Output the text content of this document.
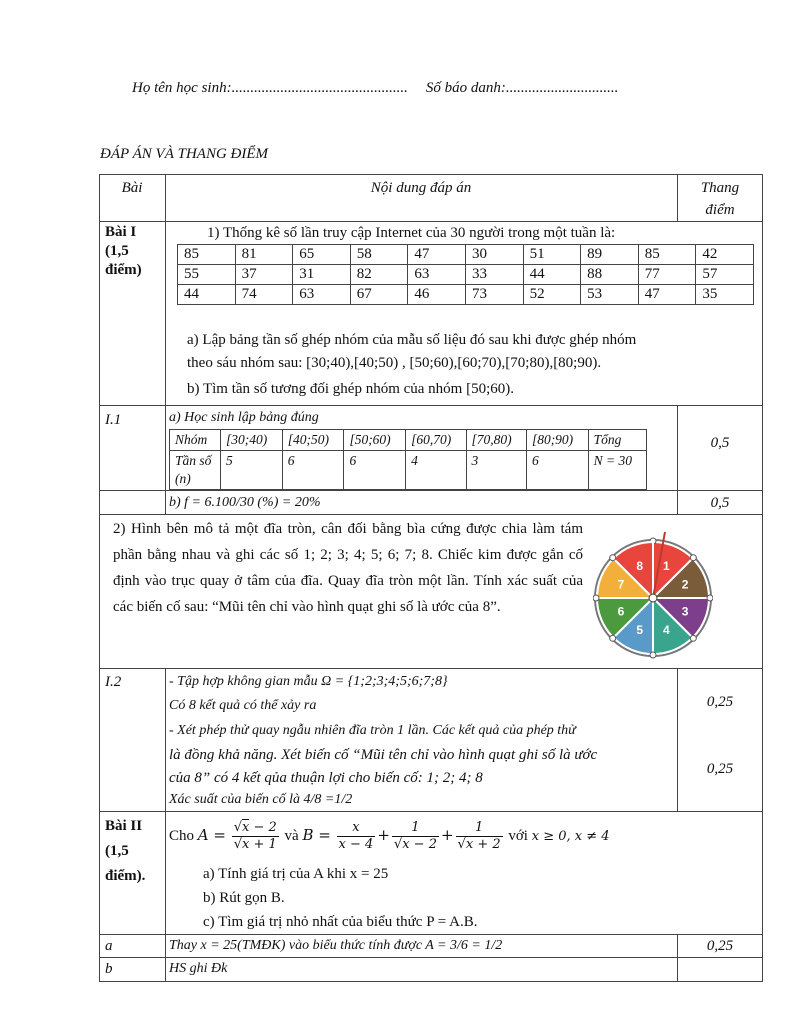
Họ tên học sinh:............................................... Số báo danh:..............................
ĐÁP ÁN VÀ THANG ĐIỂM
Bài	Nội dung đáp án	Thang điểm
Bài I (1,5 điểm)
1) Thống kê số lần truy cập Internet của 30 người trong một tuần là:
85	81	65	58	47	30	51	89	85	42
55	37	31	82	63	33	44	88	77	57
44	74	63	67	46	73	52	53	47	35
a) Lập bảng tần số ghép nhóm của mẫu số liệu đó sau khi được ghép nhóm
theo sáu nhóm sau: [30;40),[40;50) , [50;60),[60;70),[70;80),[80;90).
b) Tìm tần số tương đối ghép nhóm của nhóm [50;60).
I.1	a) Học sinh lập bảng đúng
Nhóm	[30;40)	[40;50)	[50;60)	[60,70)	[70,80)	[80;90)	Tổng
Tần số (n)	5	6	6	4	3	6	N = 30
0,5
b) f = 6.100/30 (%) = 20%	0,5
2) Hình bên mô tả một đĩa tròn, cân đối bằng bìa cứng được chia làm tám phần bằng nhau và ghi các số 1; 2; 3; 4; 5; 6; 7; 8. Chiếc kim được gắn cố định vào trục quay ở tâm của đĩa. Quay đĩa tròn một lần. Tính xác suất của các biến cố sau: “Mũi tên chỉ vào hình quạt ghi số là ước của 8”.
1
2
3
4
5
6
7
8
I.2	- Tập hợp không gian mẫu Ω = {1;2;3;4;5;6;7;8}
Có 8 kết quả có thể xảy ra
- Xét phép thử quay ngẫu nhiên đĩa tròn 1 lần. Các kết quả của phép thử
là đồng khả năng. Xét biến cố “Mũi tên chỉ vào hình quạt ghi số là ước
của 8” có 4 kết qủa thuận lợi cho biến cố: 1; 2; 4; 8
Xác suất của biến cố là 4/8 =1/2
0,25
0,25
Bài II (1,5 điểm).
Cho $A = \frac{√x - 2}{√x + 1}$ và $B = \frac{x}{x - 4} + \frac{1}{√x - 2} + \frac{1}{√x + 2}$ với x ≥ 0, x ≠ 4
a) Tính giá trị của A khi x = 25
b) Rút gọn B.
c) Tìm giá trị nhỏ nhất của biểu thức P = A.B.
a	Thay x = 25(TMĐK) vào biểu thức tính được A = 3/6 = 1/2	0,25
b	HS ghi Đk
